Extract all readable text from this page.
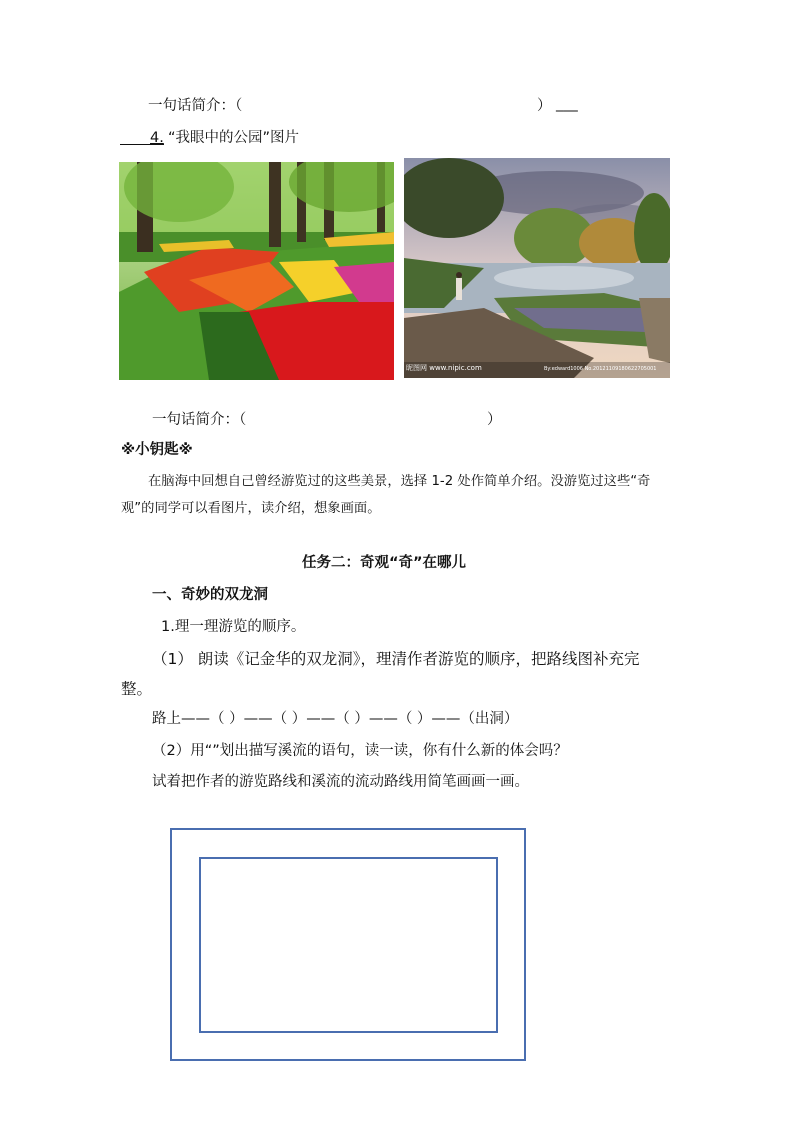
一句话简介：（	） ___
4. “我眼中的公园”图片
昵图网 www.nipic.com	By:edward1006 No.20121109180622705001
一句话简介：（	）
※小钥匙※
在脑海中回想自己曾经游览过的这些美景，选择 1-2 处作简单介绍。没游览过这些“奇
观”的同学可以看图片，读介绍，想象画面。
任务二：奇观“奇”在哪儿
一、奇妙的双龙洞
1.理一理游览的顺序。
（1） 朗读《记金华的双龙洞》，理清作者游览的顺序，把路线图补充完
整。
路上——（ ）——（ ）——（ ）——（ ）——（出洞）
（2）用“”划出描写溪流的语句，读一读，你有什么新的体会吗？
试着把作者的游览路线和溪流的流动路线用简笔画画一画。
